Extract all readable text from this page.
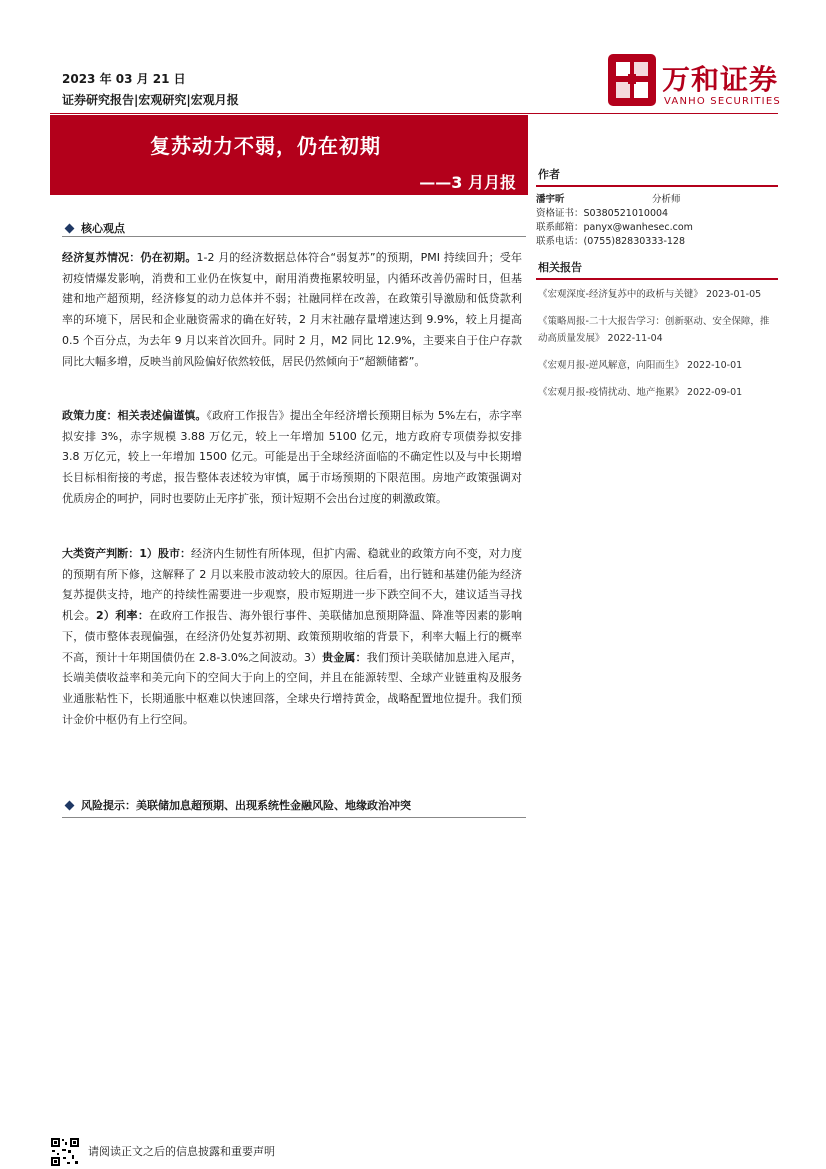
2023 年 03 月 21 日
证券研究报告|宏观研究|宏观月报
万和证券
VANHO SECURITIES
复苏动力不弱，仍在初期
——3 月月报 作者
潘宇昕	分析师
资格证书：S0380521010004
联系邮箱：panyx@wanhesec.com
联系电话：(0755)82830333-128
相关报告
《宏观深度-经济复苏中的政析与关键》 2023-01-05
《策略周报-二十大报告学习：创新驱动、安全保障，推动高质量发展》 2022-11-04
《宏观月报-逆风解意，向阳而生》 2022-10-01
《宏观月报-疫情扰动、地产拖累》 2022-09-01
核心观点
经济复苏情况：仍在初期。1-2 月的经济数据总体符合“弱复苏”的预期，PMI 持续回升；受年初疫情爆发影响，消费和工业仍在恢复中，耐用消费拖累较明显，内循环改善仍需时日，但基建和地产超预期，经济修复的动力总体并不弱；社融同样在改善，在政策引导激励和低贷款利率的环境下，居民和企业融资需求的确在好转，2 月末社融存量增速达到 9.9%，较上月提高 0.5 个百分点，为去年 9 月以来首次回升。同时 2 月，M2 同比 12.9%，主要来自于住户存款同比大幅多增，反映当前风险偏好依然较低，居民仍然倾向于“超额储蓄”。
政策力度：相关表述偏谨慎。《政府工作报告》提出全年经济增长预期目标为 5%左右，赤字率拟安排 3%，赤字规模 3.88 万亿元，较上一年增加 5100 亿元，地方政府专项债券拟安排 3.8 万亿元，较上一年增加 1500 亿元。可能是出于全球经济面临的不确定性以及与中长期增长目标相衔接的考虑，报告整体表述较为审慎，属于市场预期的下限范围。房地产政策强调对优质房企的呵护，同时也要防止无序扩张，预计短期不会出台过度的刺激政策。
大类资产判断：1）股市：经济内生韧性有所体现，但扩内需、稳就业的政策方向不变，对力度的预期有所下修，这解释了 2 月以来股市波动较大的原因。往后看，出行链和基建仍能为经济复苏提供支持，地产的持续性需要进一步观察，股市短期进一步下跌空间不大，建议适当寻找机会。2）利率：在政府工作报告、海外银行事件、美联储加息预期降温、降准等因素的影响下，债市整体表现偏强，在经济仍处复苏初期、政策预期收缩的背景下，利率大幅上行的概率不高，预计十年期国债仍在 2.8-3.0%之间波动。3）贵金属：我们预计美联储加息进入尾声，长端美债收益率和美元向下的空间大于向上的空间，并且在能源转型、全球产业链重构及服务业通胀粘性下，长期通胀中枢难以快速回落，全球央行增持黄金，战略配置地位提升。我们预计金价中枢仍有上行空间。
风险提示：美联储加息超预期、出现系统性金融风险、地缘政治冲突
请阅读正文之后的信息披露和重要声明
